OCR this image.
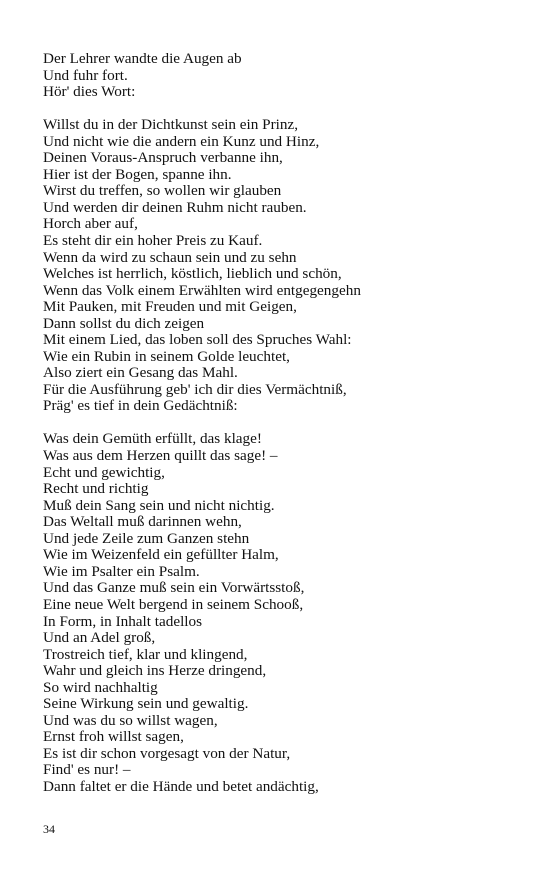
Der Lehrer wandte die Augen ab
Und fuhr fort.
Hör' dies Wort:
Willst du in der Dichtkunst sein ein Prinz,
Und nicht wie die andern ein Kunz und Hinz,
Deinen Voraus-Anspruch verbanne ihn,
Hier ist der Bogen, spanne ihn.
Wirst du treffen, so wollen wir glauben
Und werden dir deinen Ruhm nicht rauben.
Horch aber auf,
Es steht dir ein hoher Preis zu Kauf.
Wenn da wird zu schaun sein und zu sehn
Welches ist herrlich, köstlich, lieblich und schön,
Wenn das Volk einem Erwählten wird entgegengehn
Mit Pauken, mit Freuden und mit Geigen,
Dann sollst du dich zeigen
Mit einem Lied, das loben soll des Spruches Wahl:
Wie ein Rubin in seinem Golde leuchtet,
Also ziert ein Gesang das Mahl.
Für die Ausführung geb' ich dir dies Vermächtniß,
Präg' es tief in dein Gedächtniß:
Was dein Gemüth erfüllt, das klage!
Was aus dem Herzen quillt das sage! –
Echt und gewichtig,
Recht und richtig
Muß dein Sang sein und nicht nichtig.
Das Weltall muß darinnen wehn,
Und jede Zeile zum Ganzen stehn
Wie im Weizenfeld ein gefüllter Halm,
Wie im Psalter ein Psalm.
Und das Ganze muß sein ein Vorwärtsstoß,
Eine neue Welt bergend in seinem Schooß,
In Form, in Inhalt tadellos
Und an Adel groß,
Trostreich tief, klar und klingend,
Wahr und gleich ins Herze dringend,
So wird nachhaltig
Seine Wirkung sein und gewaltig.
Und was du so willst wagen,
Ernst froh willst sagen,
Es ist dir schon vorgesagt von der Natur,
Find' es nur! –
Dann faltet er die Hände und betet andächtig,
34
